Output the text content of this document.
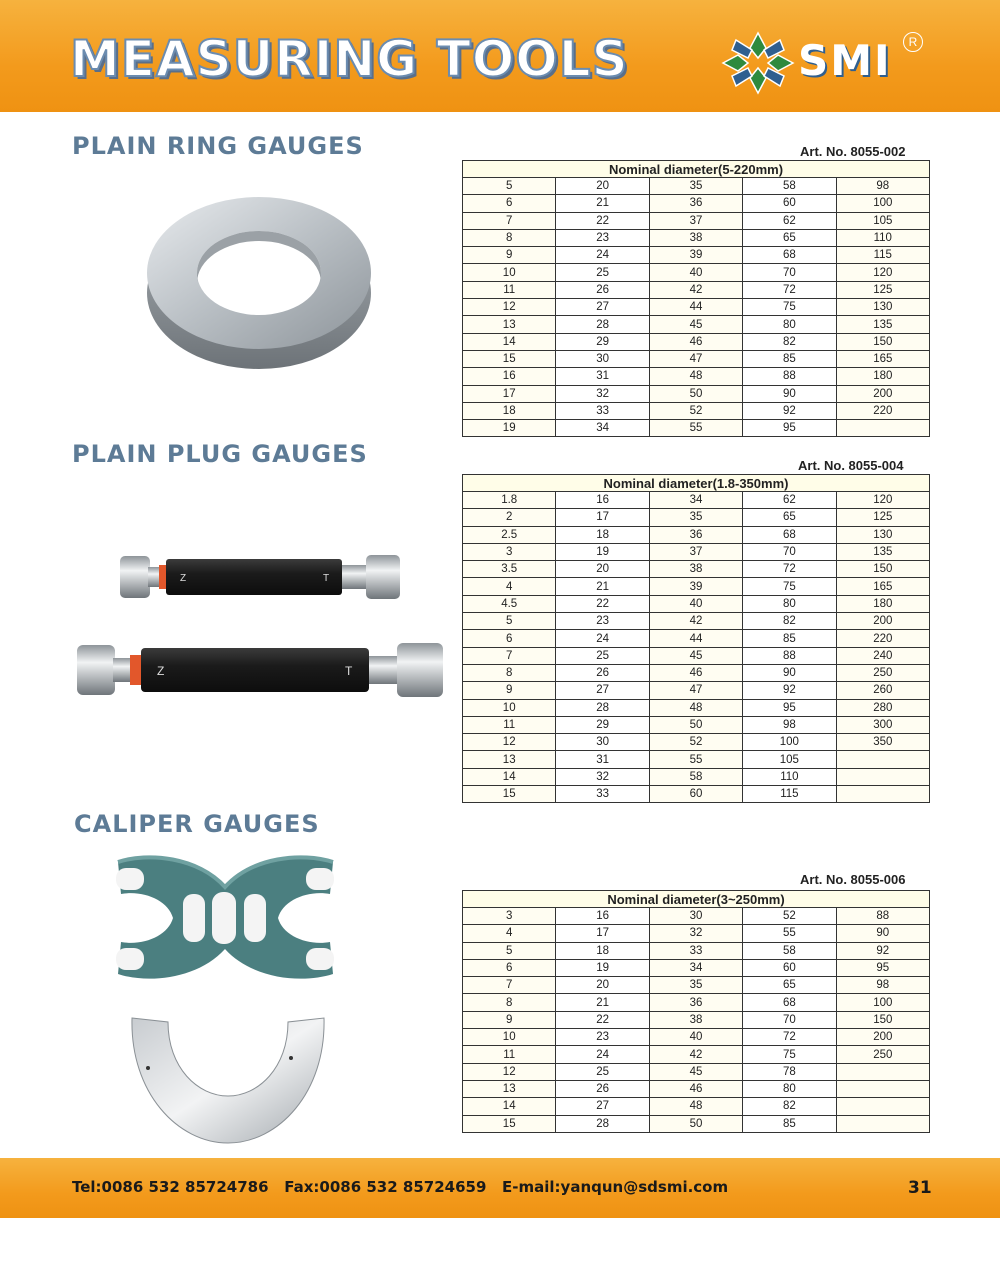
MEASURING TOOLS	SMI	R
PLAIN RING GAUGES	Art. No. 8055-002
Nominal diameter(5-220mm)				
5	20	35	58	98
6	21	36	60	100
7	22	37	62	105
8	23	38	65	110
9	24	39	68	115
10	25	40	70	120
11	26	42	72	125
12	27	44	75	130
13	28	45	80	135
14	29	46	82	150
15	30	47	85	165
16	31	48	88	180
17	32	50	90	200
18	33	52	92	220
19	34	55	95	
PLAIN PLUG GAUGES	Art. No. 8055-004
Z	T
Z	T
Nominal diameter(1.8-350mm)				
1.8	16	34	62	120
2	17	35	65	125
2.5	18	36	68	130
3	19	37	70	135
3.5	20	38	72	150
4	21	39	75	165
4.5	22	40	80	180
5	23	42	82	200
6	24	44	85	220
7	25	45	88	240
8	26	46	90	250
9	27	47	92	260
10	28	48	95	280
11	29	50	98	300
12	30	52	100	350
13	31	55	105	
14	32	58	110	
15	33	60	115	
CALIPER GAUGES
Art. No. 8055-006
Nominal diameter(3~250mm)				
3	16	30	52	88
4	17	32	55	90
5	18	33	58	92
6	19	34	60	95
7	20	35	65	98
8	21	36	68	100
9	22	38	70	150
10	23	40	72	200
11	24	42	75	250
12	25	45	78	
13	26	46	80	
14	27	48	82	
15	28	50	85	
Tel:0086 532 85724786   Fax:0086 532 85724659   E-mail:yanqun@sdsmi.com	31
